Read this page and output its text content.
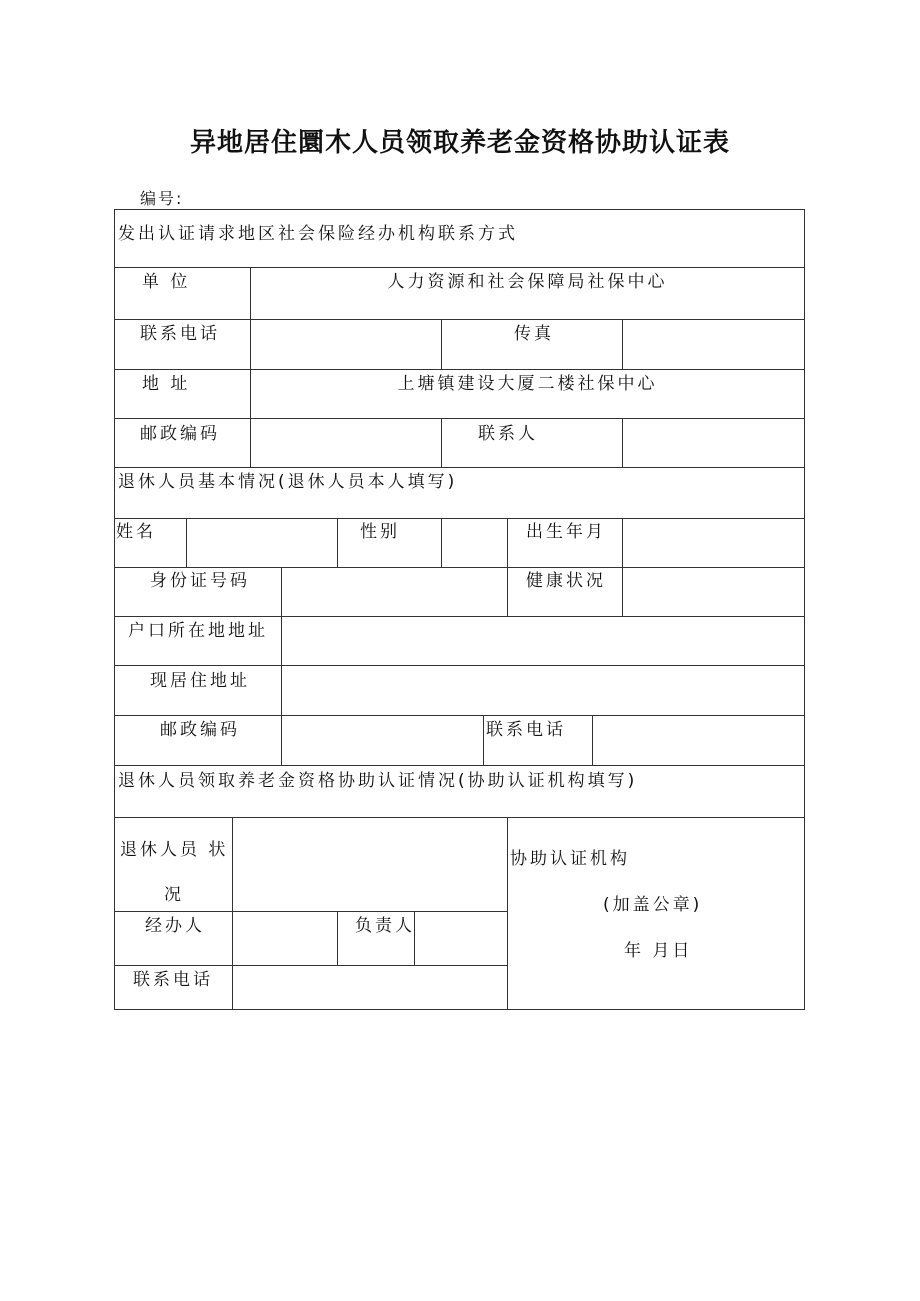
异地居住圜木人员领取养老金资格协助认证表
编号:
发出认证请求地区社会保险经办机构联系方式
单 位	人力资源和社会保障局社保中心
联系电话	传真
地 址	上塘镇建设大厦二楼社保中心
邮政编码	联系人
退休人员基本情况(退休人员本人填写)
姓名	性别	出生年月
身份证号码	健康状况
户口所在地地址
现居住地址
邮政编码	联系电话
退休人员领取养老金资格协助认证情况(协助认证机构填写)
退休人员 状
况
经办人	负责人
联系电话
协助认证机构
(加盖公章)
年 月日
